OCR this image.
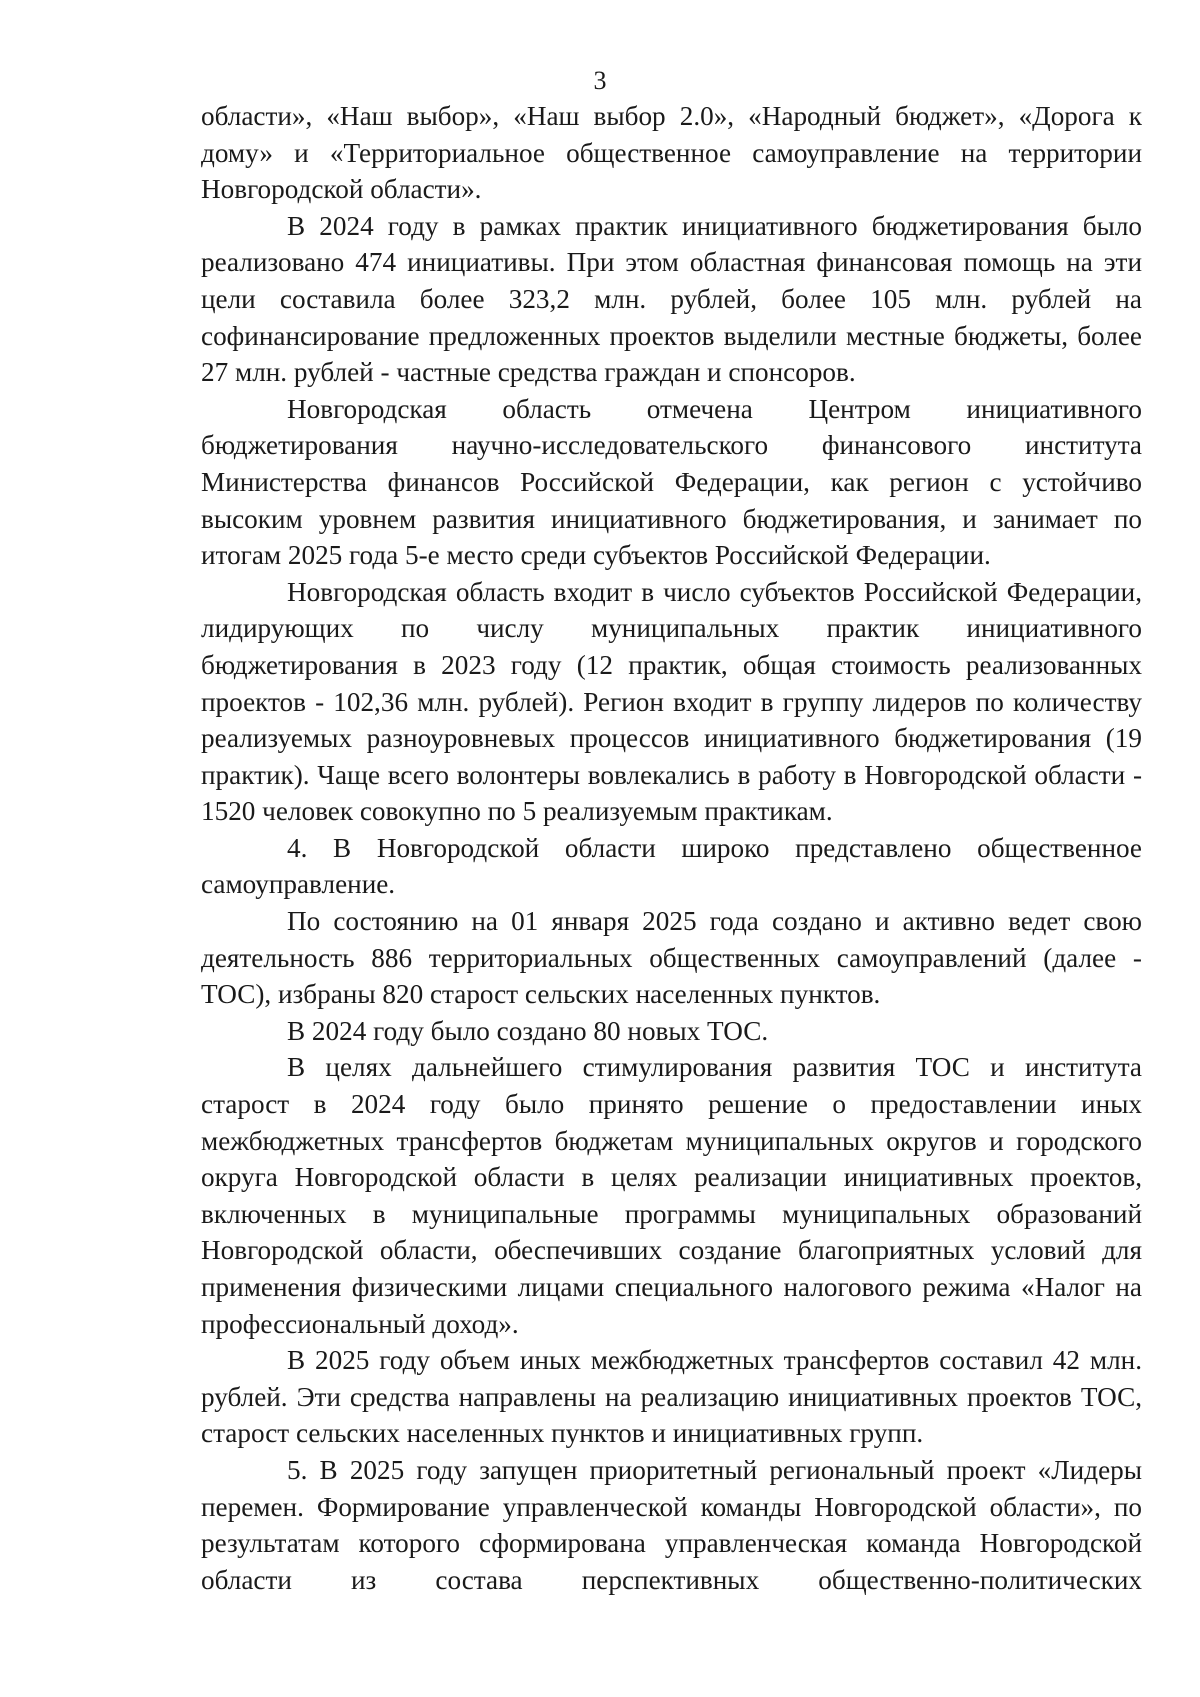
3

области», «Наш выбор», «Наш выбор 2.0», «Народный бюджет», «Дорога к дому» и «Территориальное общественное самоуправление на территории Новгородской области».

В 2024 году в рамках практик инициативного бюджетирования было реализовано 474 инициативы. При этом областная финансовая помощь на эти цели составила более 323,2 млн. рублей, более 105 млн. рублей на софинансирование предложенных проектов выделили местные бюджеты, более 27 млн. рублей - частные средства граждан и спонсоров.

Новгородская область отмечена Центром инициативного бюджетирования научно-исследовательского финансового института Министерства финансов Российской Федерации, как регион с устойчиво высоким уровнем развития инициативного бюджетирования, и занимает по итогам 2025 года 5-е место среди субъектов Российской Федерации.

Новгородская область входит в число субъектов Российской Федерации, лидирующих по числу муниципальных практик инициативного бюджетирования в 2023 году (12 практик, общая стоимость реализованных проектов - 102,36 млн. рублей). Регион входит в группу лидеров по количеству реализуемых разноуровневых процессов инициативного бюджетирования (19 практик). Чаще всего волонтеры вовлекались в работу в Новгородской области - 1520 человек совокупно по 5 реализуемым практикам.

4. В Новгородской области широко представлено общественное самоуправление.

По состоянию на 01 января 2025 года создано и активно ведет свою деятельность 886 территориальных общественных самоуправлений (далее - ТОС), избраны 820 старост сельских населенных пунктов.

В 2024 году было создано 80 новых ТОС.

В целях дальнейшего стимулирования развития ТОС и института старост в 2024 году было принято решение о предоставлении иных межбюджетных трансфертов бюджетам муниципальных округов и городского округа Новгородской области в целях реализации инициативных проектов, включенных в муниципальные программы муниципальных образований Новгородской области, обеспечивших создание благоприятных условий для применения физическими лицами специального налогового режима «Налог на профессиональный доход».

В 2025 году объем иных межбюджетных трансфертов составил 42 млн. рублей. Эти средства направлены на реализацию инициативных проектов ТОС, старост сельских населенных пунктов и инициативных групп.

5. В 2025 году запущен приоритетный региональный проект «Лидеры перемен. Формирование управленческой команды Новгородской области», по результатам которого сформирована управленческая команда Новгородской области из состава перспективных общественно-политических
